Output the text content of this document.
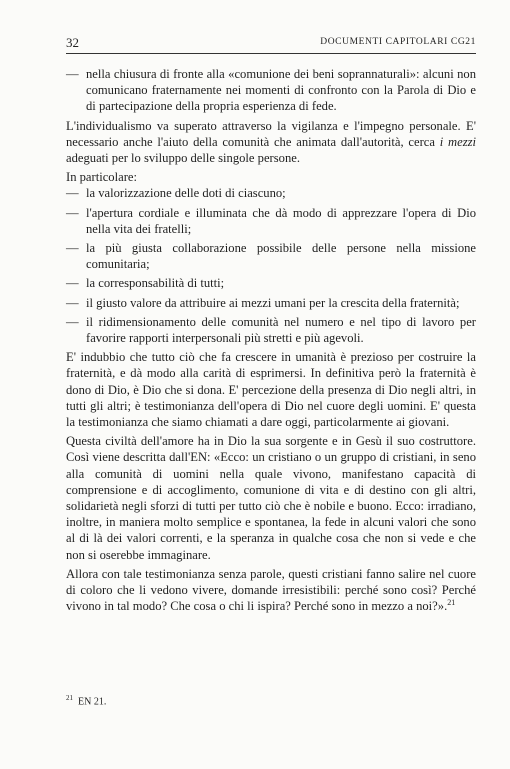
32	DOCUMENTI CAPITOLARI CG21

— nella chiusura di fronte alla «comunione dei beni soprannaturali»: alcuni non comunicano fraternamente nei momenti di confronto con la Parola di Dio e di partecipazione della propria esperienza di fede.

L'individualismo va superato attraverso la vigilanza e l'impegno personale. E' necessario anche l'aiuto della comunità che animata dall'autorità, cerca i mezzi adeguati per lo sviluppo delle singole persone.

In particolare:

— la valorizzazione delle doti di ciascuno;

— l'apertura cordiale e illuminata che dà modo di apprezzare l'opera di Dio nella vita dei fratelli;

— la più giusta collaborazione possibile delle persone nella missione comunitaria;

— la corresponsabilità di tutti;

— il giusto valore da attribuire ai mezzi umani per la crescita della fraternità;

— il ridimensionamento delle comunità nel numero e nel tipo di lavoro per favorire rapporti interpersonali più stretti e più agevoli.

E' indubbio che tutto ciò che fa crescere in umanità è prezioso per costruire la fraternità, e dà modo alla carità di esprimersi. In definitiva però la fraternità è dono di Dio, è Dio che si dona. E' percezione della presenza di Dio negli altri, in tutti gli altri; è testimonianza dell'opera di Dio nel cuore degli uomini. E' questa la testimonianza che siamo chiamati a dare oggi, particolarmente ai giovani.

Questa civiltà dell'amore ha in Dio la sua sorgente e in Gesù il suo costruttore. Così viene descritta dall'EN: «Ecco: un cristiano o un gruppo di cristiani, in seno alla comunità di uomini nella quale vivono, manifestano capacità di comprensione e di accoglimento, comunione di vita e di destino con gli altri, solidarietà negli sforzi di tutti per tutto ciò che è nobile e buono. Ecco: irradiano, inoltre, in maniera molto semplice e spontanea, la fede in alcuni valori che sono al di là dei valori correnti, e la speranza in qualche cosa che non si vede e che non si oserebbe immaginare.

Allora con tale testimonianza senza parole, questi cristiani fanno salire nel cuore di coloro che li vedono vivere, domande irresistibili: perché sono così? Perché vivono in tal modo? Che cosa o chi li ispira? Perché sono in mezzo a noi?».$^{21}$

$^{21}$ EN 21.
